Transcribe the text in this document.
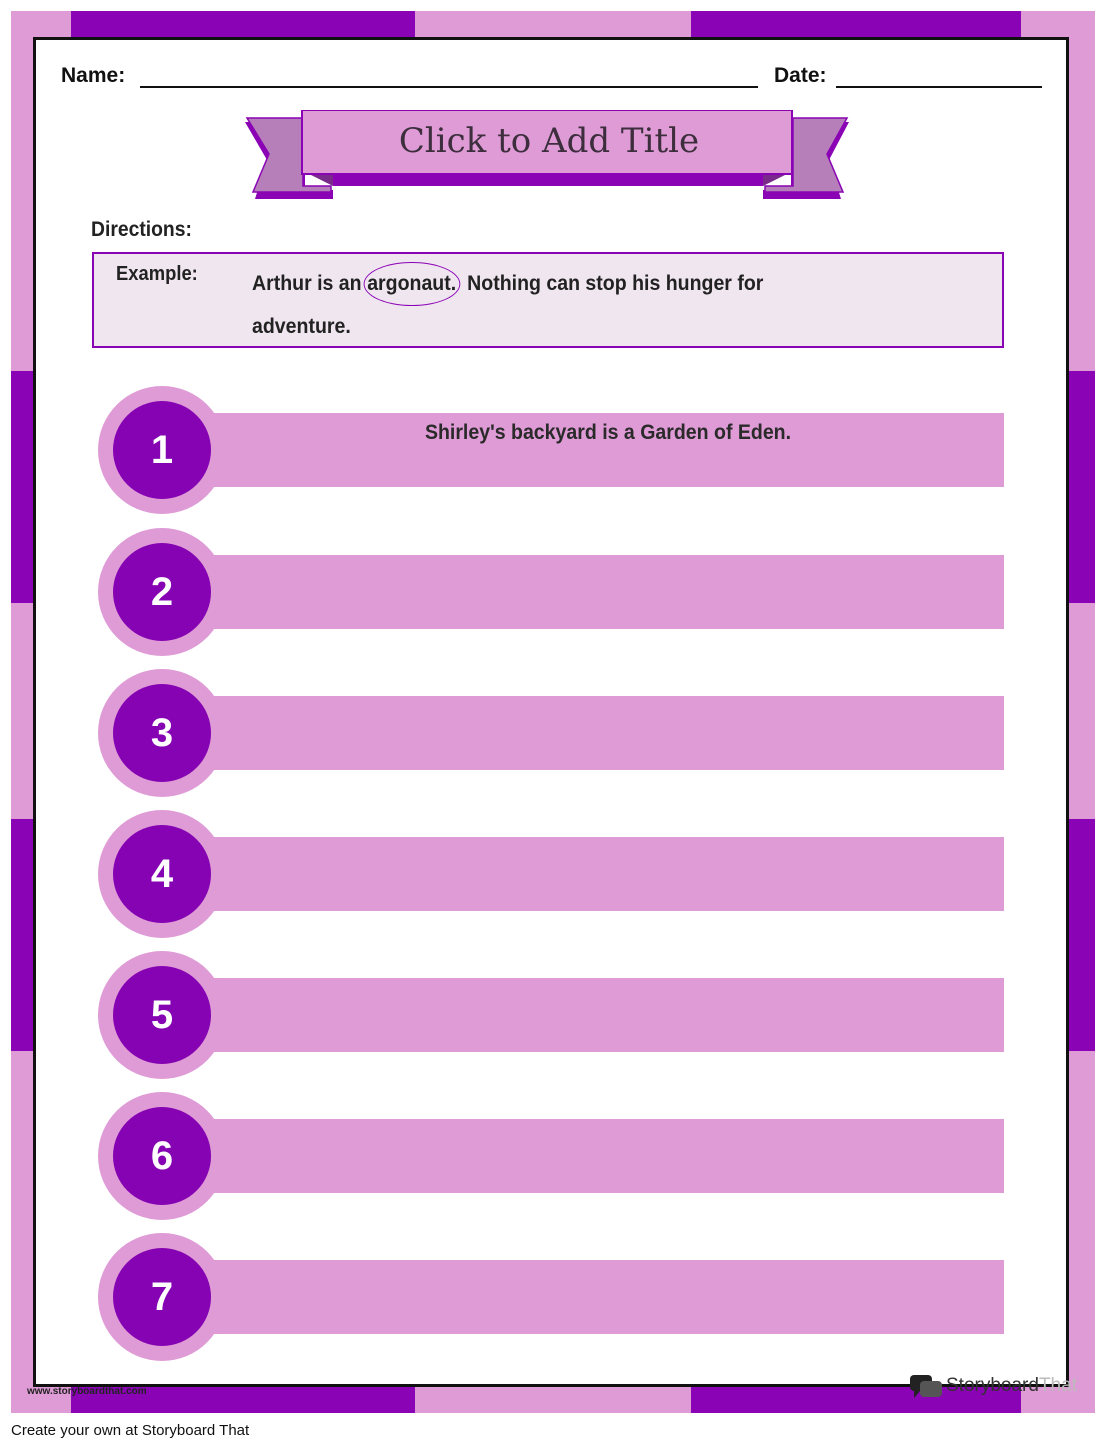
Name:	Date:
Click to Add Title
Directions:
Example:	Arthur is an argonaut. Nothing can stop his hunger for adventure.
1	Shirley's backyard is a Garden of Eden.
2
3
4
5
6
7
www.storyboardthat.com	StoryboardThat
Create your own at Storyboard That
